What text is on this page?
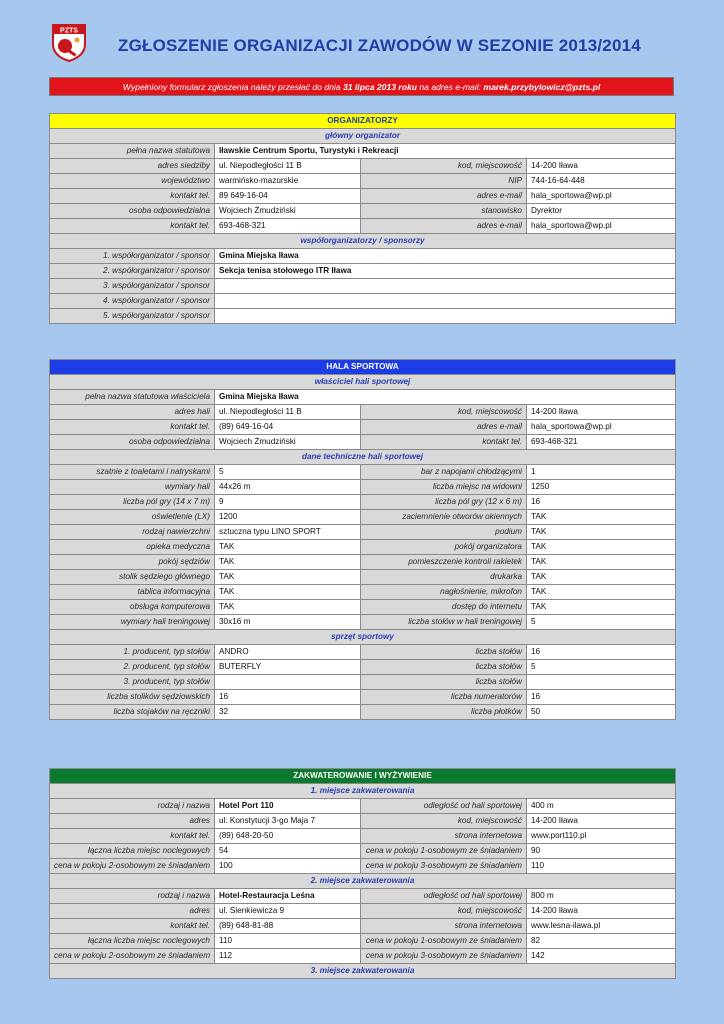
PZTS
ZGŁOSZENIE ORGANIZACJI ZAWODÓW W SEZONIE 2013/2014
Wypełniony formularz zgłoszenia należy przesłać do dnia 31 lipca 2013 roku na adres e-mail: marek.przybylowicz@pzts.pl
ORGANIZATORZY			
główny organizator			
pełna nazwa statutowa	Iławskie Centrum Sportu, Turystyki i Rekreacji		
adres siedziby	ul. Niepodległości 11 B	kod, miejscowość	14-200 Iława
województwo	warmińsko-mazurskie	NIP	744-16-64-448
kontakt tel.	89 649-16-04	adres e-mail	hala_sportowa@wp.pl
osoba odpowiedzialna	Wojciech Żmudziński	stanowisko	Dyrektor
kontakt tel.	693-468-321	adres e-mail	hala_sportowa@wp.pl
współorganizatorzy / sponsorzy			
1. współorganizator / sponsor	Gmina Miejska Iława		
2. współorganizator / sponsor	Sekcja tenisa stołowego ITR Iława		
3. współorganizator / sponsor			
4. współorganizator / sponsor			
5. współorganizator / sponsor			
HALA SPORTOWA			
właściciel hali sportowej			
pełna nazwa statutowa właściciela	Gmina Miejska Iława		
adres hali	ul. Niepodległości 11 B	kod, miejscowość	14-200 Iława
kontakt tel.	(89) 649-16-04	adres e-mail	hala_sportowa@wp.pl
osoba odpowiedzialna	Wojciech Żmudziński	kontakt tel.	693-468-321
dane techniczne hali sportowej			
szatnie z toaletami i natryskami	5	bar z napojami chłodzącymi	1
wymiary hali	44x26 m	liczba miejsc na widowni	1250
liczba pól gry (14 x 7 m)	9	liczba pól gry (12 x 6 m)	16
oświetlenie (LX)	1200	zaciemnienie otworów okiennych	TAK
rodzaj nawierzchni	sztuczna typu LINO SPORT	podium	TAK
opieka medyczna	TAK	pokój organizatora	TAK
pokój sędziów	TAK	pomieszczenie kontroli rakietek	TAK
stolik sędziego głównego	TAK	drukarka	TAK
tablica informacyjna	TAK	nagłośnienie, mikrofon	TAK
obsługa komputerowa	TAK	dostęp do internetu	TAK
wymiary hali treningowej	30x16 m	liczba stołów w hali treningowej	5
sprzęt sportowy			
1. producent, typ stołów	ANDRO	liczba stołów	16
2. producent, typ stołów	BUTERFLY	liczba stołów	5
3. producent, typ stołów		liczba stołów	
liczba stolików sędziowskich	16	liczba numeratorów	16
liczba stojaków na ręczniki	32	liczba płotków	50
ZAKWATEROWANIE I WYŻYWIENIE			
1. miejsce zakwaterowania			
rodzaj i nazwa	Hotel Port 110	odległość od hali sportowej	400 m
adres	ul. Konstytucji 3-go Maja 7	kod, miejscowość	14-200 Iława
kontakt tel.	(89) 648-20-50	strona internetowa	www.port110.pl
łączna liczba miejsc noclegowych	54	cena w pokoju 1-osobowym ze śniadaniem	90
cena w pokoju 2-osobowym ze śniadaniem	100	cena w pokoju 3-osobowym ze śniadaniem	110
2. miejsce zakwaterowania			
rodzaj i nazwa	Hotel-Restauracja Leśna	odległość od hali sportowej	800 m
adres	ul. Sienkiewicza 9	kod, miejscowość	14-200 Iława
kontakt tel.	(89) 648-81-88	strona internetowa	www.lesna-ilawa.pl
łączna liczba miejsc noclegowych	110	cena w pokoju 1-osobowym ze śniadaniem	82
cena w pokoju 2-osobowym ze śniadaniem	112	cena w pokoju 3-osobowym ze śniadaniem	142
3. miejsce zakwaterowania			
